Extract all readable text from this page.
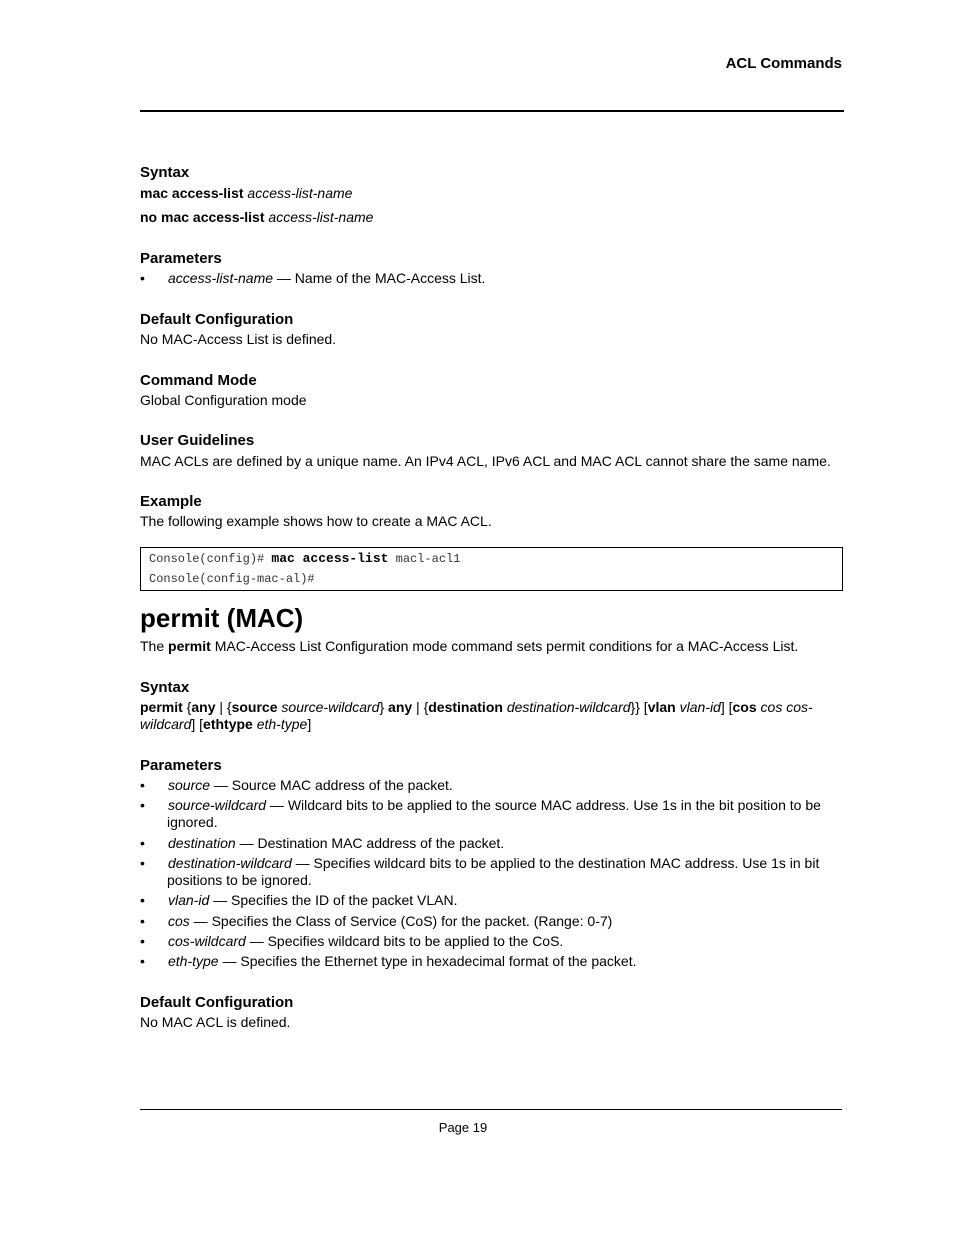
ACL Commands
Syntax
mac access-list access-list-name
no mac access-list access-list-name
Parameters
• access-list-name — Name of the MAC-Access List.
Default Configuration
No MAC-Access List is defined.
Command Mode
Global Configuration mode
User Guidelines
MAC ACLs are defined by a unique name. An IPv4 ACL, IPv6 ACL and MAC ACL cannot share the same name.
Example
The following example shows how to create a MAC ACL.
Console(config)# mac access-list macl-acl1
Console(config-mac-al)#
permit (MAC)
The permit MAC-Access List Configuration mode command sets permit conditions for a MAC-Access List.
Syntax
permit {any | {source source-wildcard} any | {destination destination-wildcard}} [vlan vlan-id] [cos cos cos-
wildcard] [ethtype eth-type]
Parameters
• source — Source MAC address of the packet.
• source-wildcard — Wildcard bits to be applied to the source MAC address. Use 1s in the bit position to be
ignored.
• destination — Destination MAC address of the packet.
• destination-wildcard — Specifies wildcard bits to be applied to the destination MAC address. Use 1s in bit
positions to be ignored.
• vlan-id — Specifies the ID of the packet VLAN.
• cos — Specifies the Class of Service (CoS) for the packet. (Range: 0-7)
• cos-wildcard — Specifies wildcard bits to be applied to the CoS.
• eth-type — Specifies the Ethernet type in hexadecimal format of the packet.
Default Configuration
No MAC ACL is defined.
Page 19
